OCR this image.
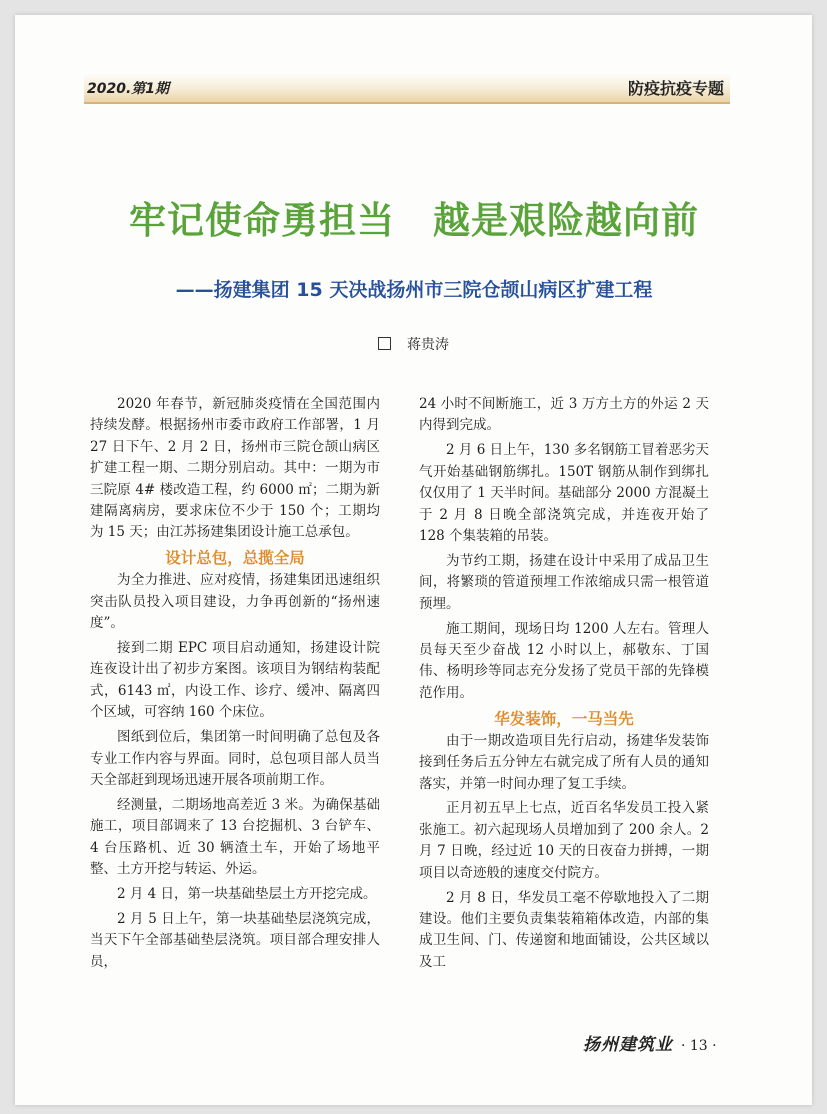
2020.第1期	防疫抗疫专题
牢记使命勇担当　越是艰险越向前
——扬建集团 15 天决战扬州市三院仓颉山病区扩建工程
蒋贵涛

2020 年春节，新冠肺炎疫情在全国范围内持续发酵。根据扬州市委市政府工作部署，1 月 27 日下午、2 月 2 日，扬州市三院仓颉山病区扩建工程一期、二期分别启动。其中：一期为市三院原 4# 楼改造工程，约 6000 ㎡；二期为新建隔离病房，要求床位不少于 150 个；工期均为 15 天；由江苏扬建集团设计施工总承包。

设计总包，总揽全局

为全力推进、应对疫情，扬建集团迅速组织突击队员投入项目建设，力争再创新的“扬州速度”。

接到二期 EPC 项目启动通知，扬建设计院连夜设计出了初步方案图。该项目为钢结构装配式，6143 ㎡，内设工作、诊疗、缓冲、隔离四个区域，可容纳 160 个床位。

图纸到位后，集团第一时间明确了总包及各专业工作内容与界面。同时，总包项目部人员当天全部赶到现场迅速开展各项前期工作。

经测量，二期场地高差近 3 米。为确保基础施工，项目部调来了 13 台挖掘机、3 台铲车、4 台压路机、近 30 辆渣土车，开始了场地平整、土方开挖与转运、外运。

2 月 4 日，第一块基础垫层土方开挖完成。

2 月 5 日上午，第一块基础垫层浇筑完成，当天下午全部基础垫层浇筑。项目部合理安排人员，

24 小时不间断施工，近 3 万方土方的外运 2 天内得到完成。

2 月 6 日上午，130 多名钢筋工冒着恶劣天气开始基础钢筋绑扎。150T 钢筋从制作到绑扎仅仅用了 1 天半时间。基础部分 2000 方混凝土于 2 月 8 日晚全部浇筑完成，并连夜开始了 128 个集装箱的吊装。

为节约工期，扬建在设计中采用了成品卫生间，将繁琐的管道预埋工作浓缩成只需一根管道预埋。

施工期间，现场日均 1200 人左右。管理人员每天至少奋战 12 小时以上，郝敬东、丁国伟、杨明珍等同志充分发扬了党员干部的先锋模范作用。

华发装饰，一马当先

由于一期改造项目先行启动，扬建华发装饰接到任务后五分钟左右就完成了所有人员的通知落实，并第一时间办理了复工手续。

正月初五早上七点，近百名华发员工投入紧张施工。初六起现场人员增加到了 200 余人。2 月 7 日晚，经过近 10 天的日夜奋力拼搏，一期项目以奇迹般的速度交付院方。

2 月 8 日，华发员工毫不停歇地投入了二期建设。他们主要负责集装箱箱体改造，内部的集成卫生间、门、传递窗和地面铺设，公共区域以及工

扬州建筑业 · 13 ·
